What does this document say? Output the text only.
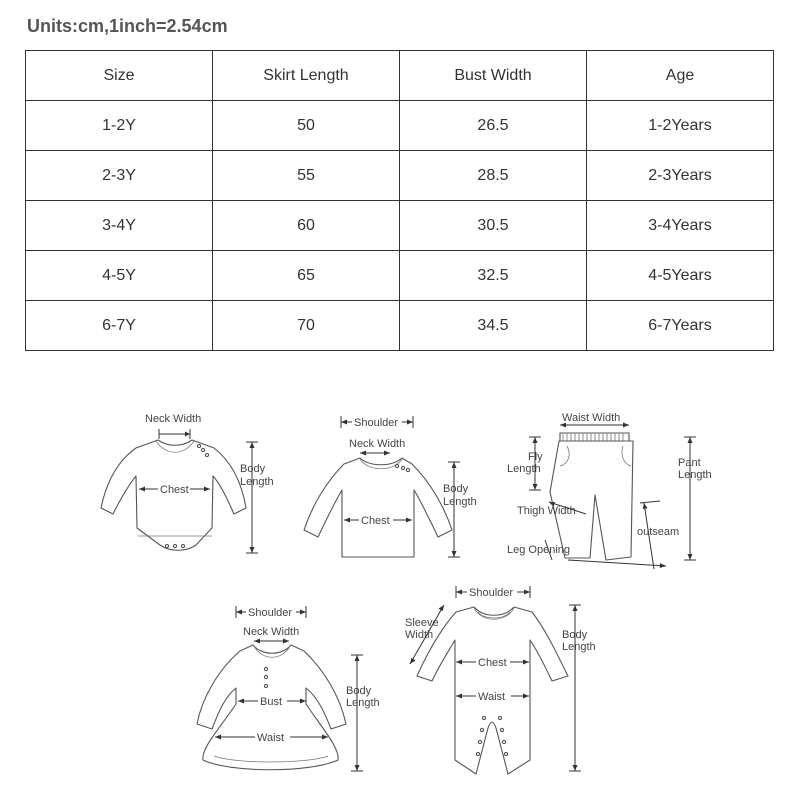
Units:cm,1inch=2.54cm
Size	Skirt Length	Bust Width	Age
1-2Y	50	26.5	1-2Years
2-3Y	55	28.5	2-3Years
3-4Y	60	30.5	3-4Years
4-5Y	65	32.5	4-5Years
6-7Y	70	34.5	6-7Years
Neck Width
Body
Length
Chest
Shoulder
Neck Width
Body
Length
Chest
Waist Width
Fly
Length	Pant
Length
Thigh Width
outseam
Leg Opening
Shoulder
Neck Width
Body
Length
Bust
Waist
Shoulder
Sleeve
Width	Body
Length
Chest
Waist
